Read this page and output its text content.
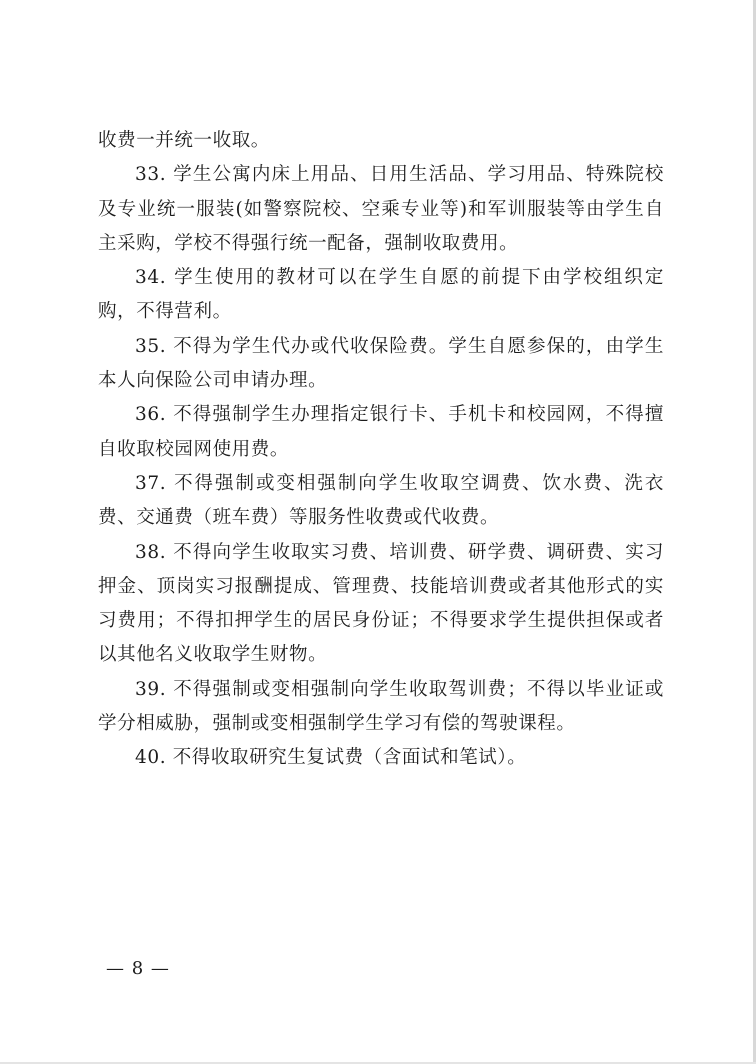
收费一并统一收取。

33. 学生公寓内床上用品、日用生活品、学习用品、特殊院校及专业统一服装(如警察院校、空乘专业等)和军训服装等由学生自主采购，学校不得强行统一配备，强制收取费用。

34. 学生使用的教材可以在学生自愿的前提下由学校组织定购，不得营利。

35. 不得为学生代办或代收保险费。学生自愿参保的，由学生本人向保险公司申请办理。

36. 不得强制学生办理指定银行卡、手机卡和校园网，不得擅自收取校园网使用费。

37. 不得强制或变相强制向学生收取空调费、饮水费、洗衣费、交通费（班车费）等服务性收费或代收费。

38. 不得向学生收取实习费、培训费、研学费、调研费、实习押金、顶岗实习报酬提成、管理费、技能培训费或者其他形式的实习费用；不得扣押学生的居民身份证；不得要求学生提供担保或者以其他名义收取学生财物。

39. 不得强制或变相强制向学生收取驾训费；不得以毕业证或学分相威胁，强制或变相强制学生学习有偿的驾驶课程。

40. 不得收取研究生复试费（含面试和笔试）。

— 8 —
